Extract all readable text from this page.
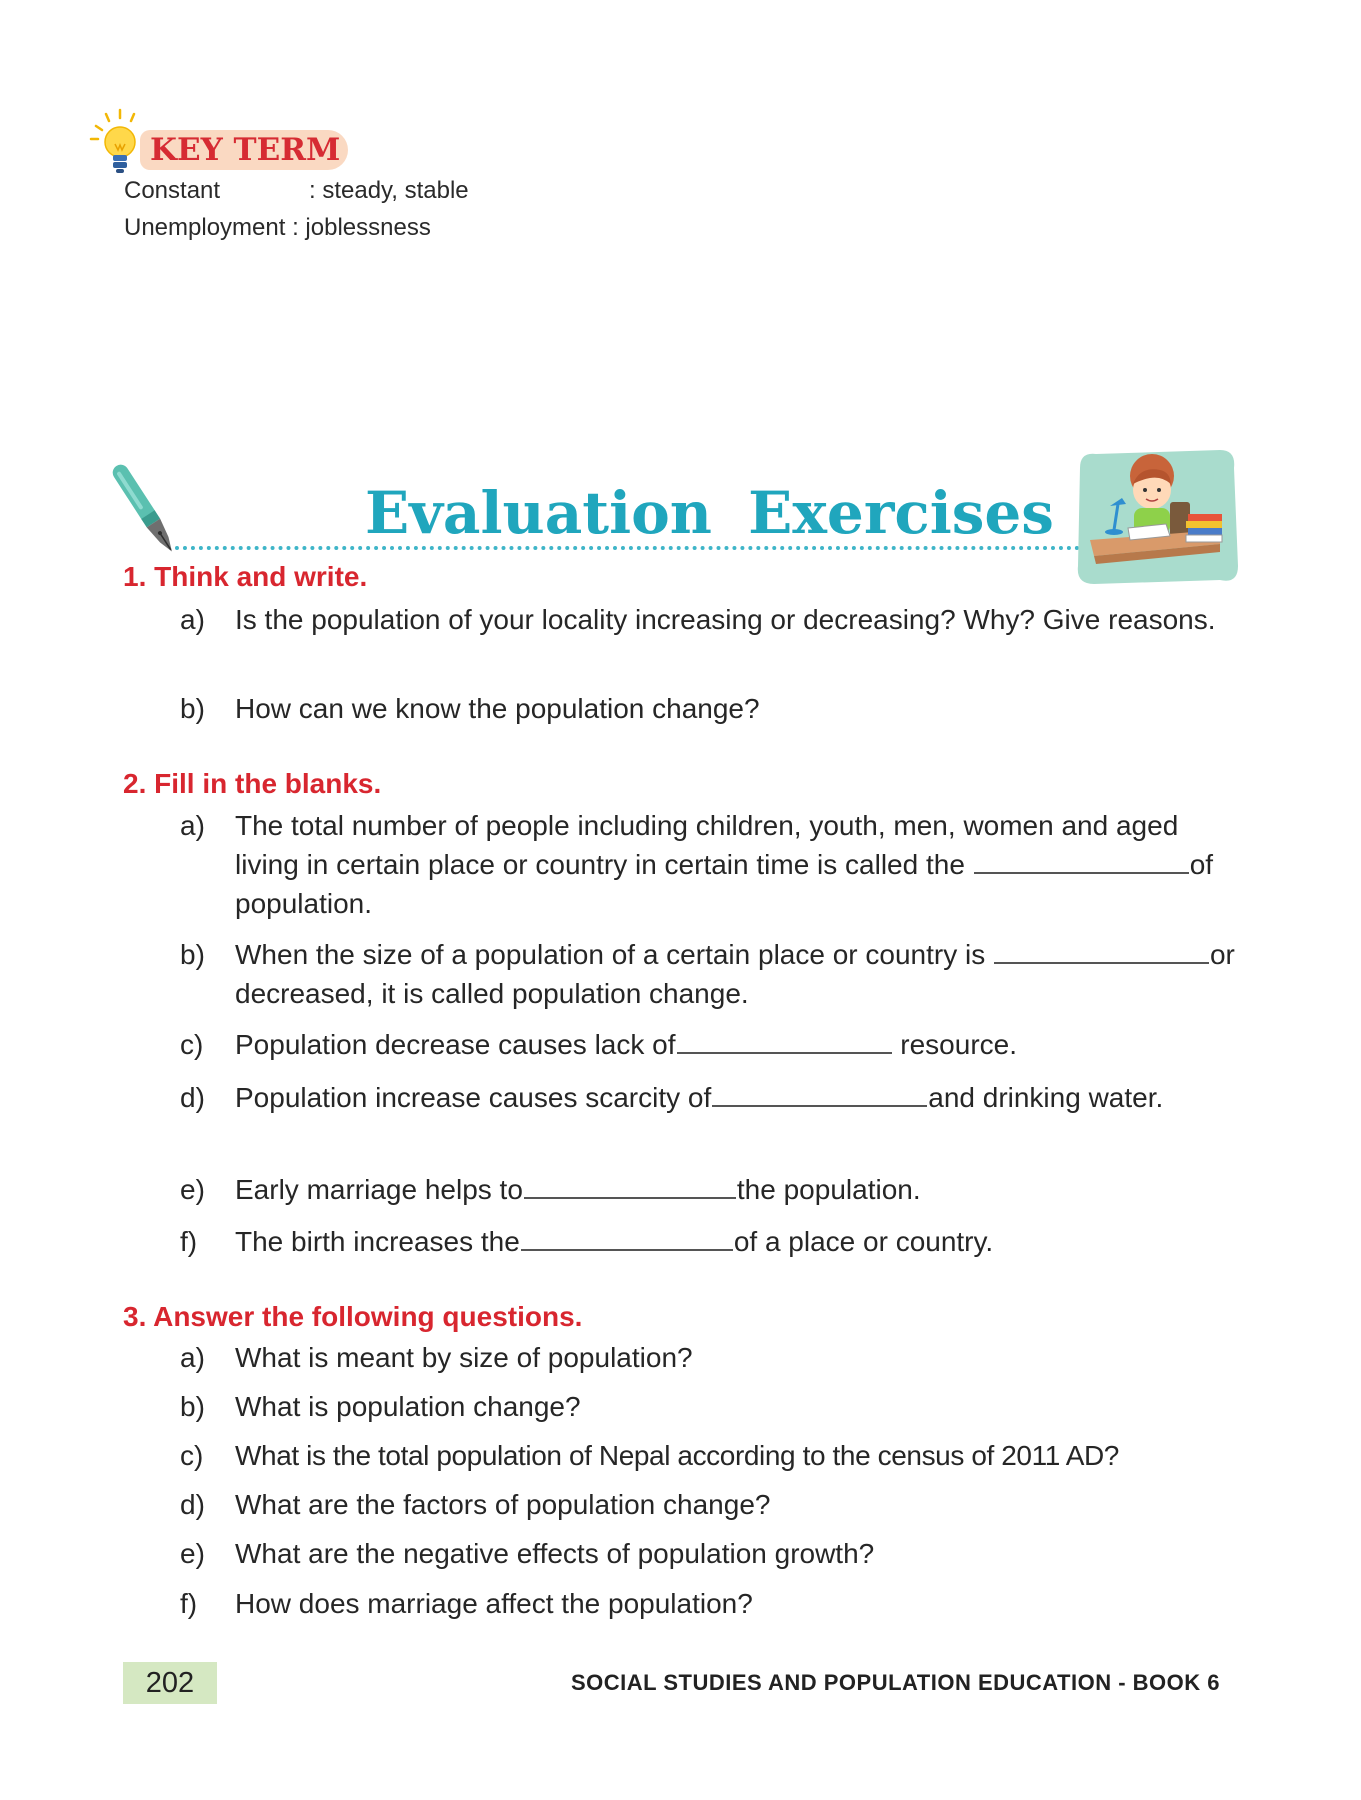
KEY TERM
Constant	: steady, stable
Unemployment : joblessness
Evaluation Exercises
1. Think and write.
a)	Is the population of your locality increasing or decreasing? Why? Give reasons.
b)	How can we know the population change?
2. Fill in the blanks.
a)	The total number of people including children, youth, men, women and aged living in certain place or country in certain time is called the	of population.
b)	When the size of a population of a certain place or country is	or decreased, it is called population change.
c)	Population decrease causes lack of	resource.
d)	Population increase causes scarcity of	and drinking water.
e)	Early marriage helps to	the population.
f)	The birth increases the	of a place or country.
3. Answer the following questions.
a)	What is meant by size of population?
b)	What is population change?
c)	What is the total population of Nepal according to the census of 2011 AD?
d)	What are the factors of population change?
e)	What are the negative effects of population growth?
f)	How does marriage affect the population?
202	SOCIAL STUDIES AND POPULATION EDUCATION - BOOK 6
